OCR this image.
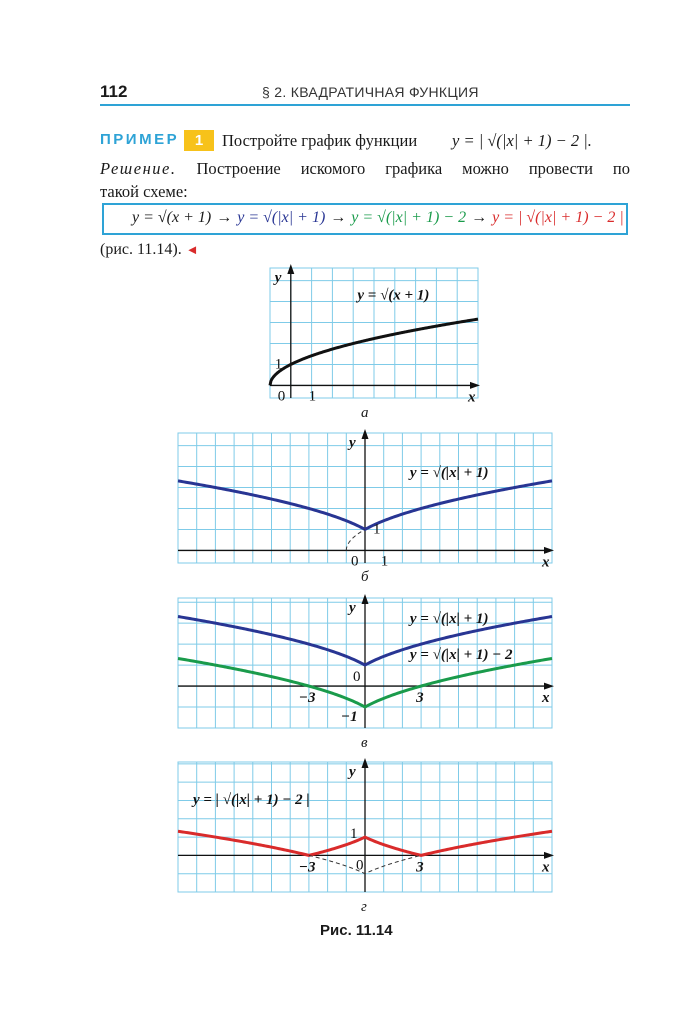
112	§ 2. КВАДРАТИЧНАЯ ФУНКЦИЯ
ПРИМЕР	1	Постройте график функции y = | √(|x| + 1) − 2 |.
Решение. Построение искомого графика можно провести по
такой схеме:
y = √(x + 1) → y = √(|x| + 1) → y = √(|x| + 1) − 2 → y = | √(|x| + 1) − 2 |
(рис. 11.14). ◄
x
y
0 1
1
y = √(x + 1)
а
x
y
0 1
1
y = √(|x| + 1)
б
x
y
0
−3	3
−1
y = √(|x| + 1)
y = √(|x| + 1) − 2
в
x
y
0
−3	3
1
y = | √(|x| + 1) − 2 |
г
Рис. 11.14
